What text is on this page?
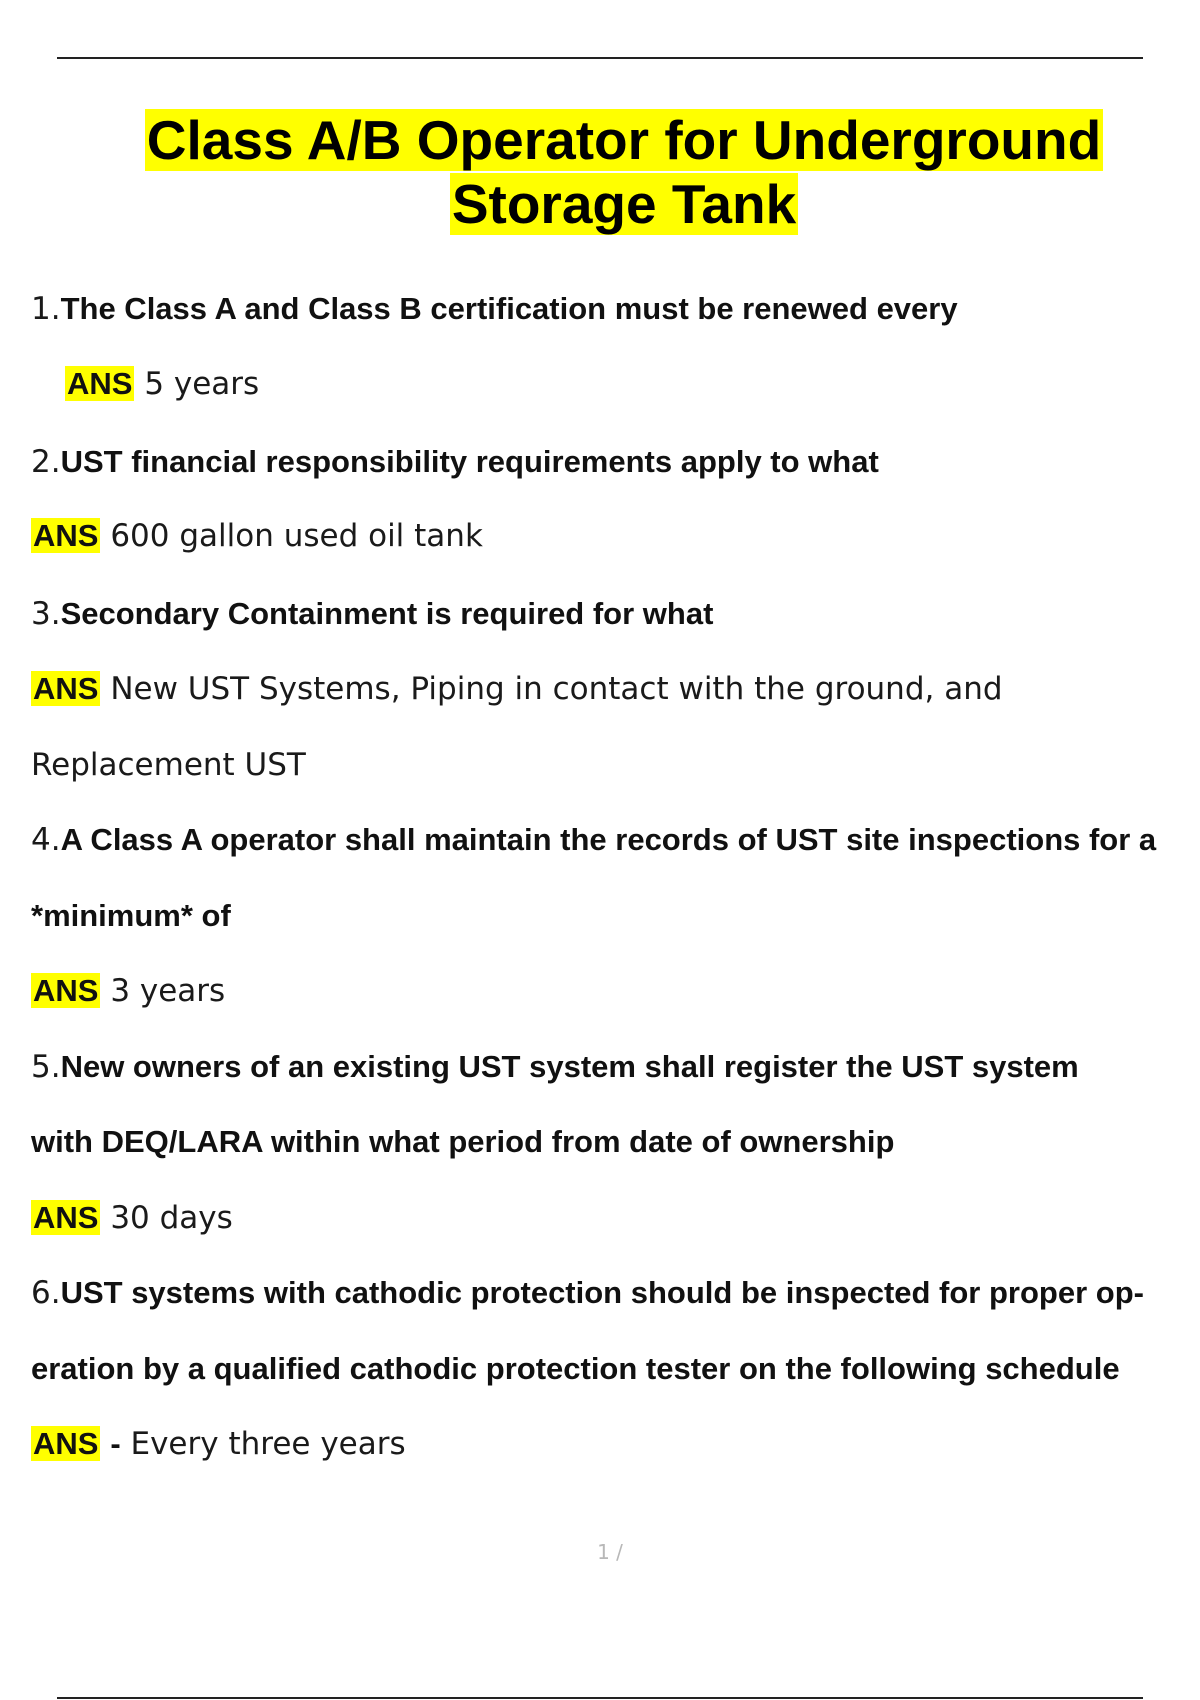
Class A/B Operator for Underground
Storage Tank
1.The Class A and Class B certification must be renewed every
ANS 5 years
2.UST financial responsibility requirements apply to what
ANS 600 gallon used oil tank
3.Secondary Containment is required for what
ANS New UST Systems, Piping in contact with the ground, and
Replacement UST
4.A Class A operator shall maintain the records of UST site inspections for a
*minimum* of
ANS 3 years
5.New owners of an existing UST system shall register the UST system
with DEQ/LARA within what period from date of ownership
ANS 30 days
6.UST systems with cathodic protection should be inspected for proper op-
eration by a qualified cathodic protection tester on the following schedule
ANS - Every three years
1 /
